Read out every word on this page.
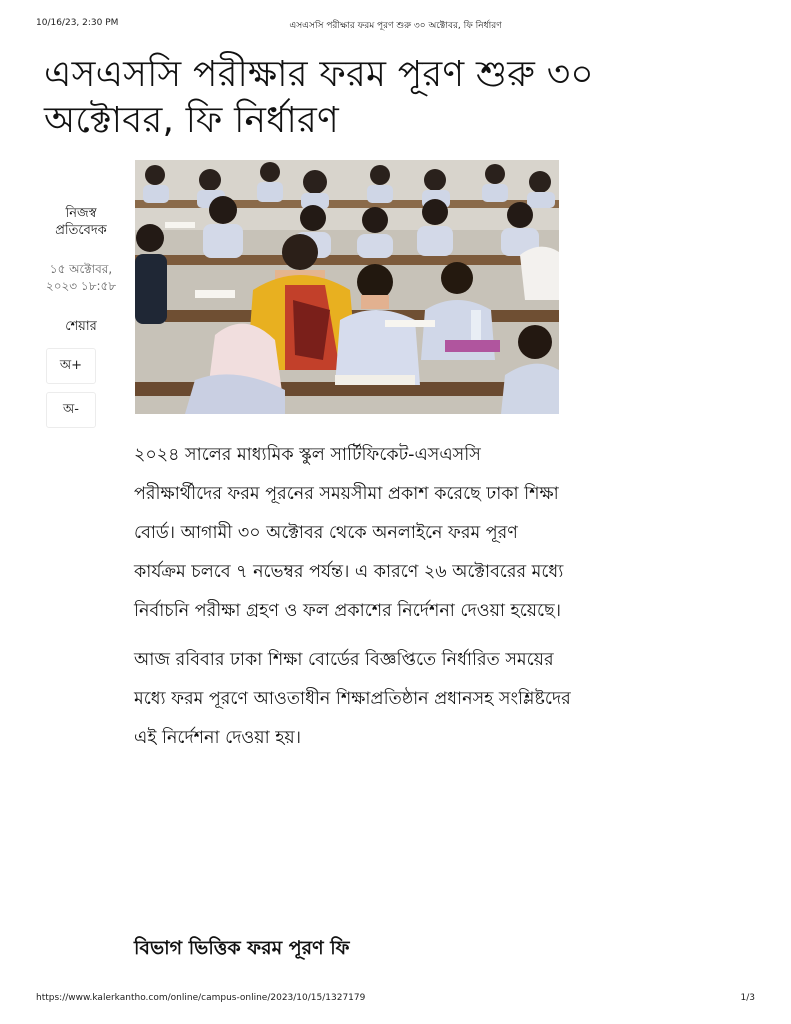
10/16/23, 2:30 PM	এসএসসি পরীক্ষার ফরম পূরণ শুরু ৩০ অক্টোবর, ফি নির্ধারণ
এসএসসি পরীক্ষার ফরম পূরণ শুরু ৩০ অক্টোবর, ফি নির্ধারণ
নিজস্ব প্রতিবেদক
১৫ অক্টোবর, ২০২৩ ১৮:৫৮
শেয়ার
অ+
অ-

২০২৪ সালের মাধ্যমিক স্কুল সার্টিফিকেট-এসএসসি পরীক্ষার্থীদের ফরম পূরনের সময়সীমা প্রকাশ করেছে ঢাকা শিক্ষা বোর্ড। আগামী ৩০ অক্টোবর থেকে অনলাইনে ফরম পূরণ কার্যক্রম চলবে ৭ নভেম্বর পর্যন্ত। এ কারণে ২৬ অক্টোবরের মধ্যে নির্বাচনি পরীক্ষা গ্রহণ ও ফল প্রকাশের নির্দেশনা দেওয়া হয়েছে।

আজ রবিবার ঢাকা শিক্ষা বোর্ডের বিজ্ঞপ্তিতে নির্ধারিত সময়ের মধ্যে ফরম পূরণে আওতাধীন শিক্ষাপ্রতিষ্ঠান প্রধানসহ সংশ্লিষ্টদের এই নির্দেশনা দেওয়া হয়।

বিভাগ ভিত্তিক ফরম পূরণ ফি
https://www.kalerkantho.com/online/campus-online/2023/10/15/1327179	1/3
